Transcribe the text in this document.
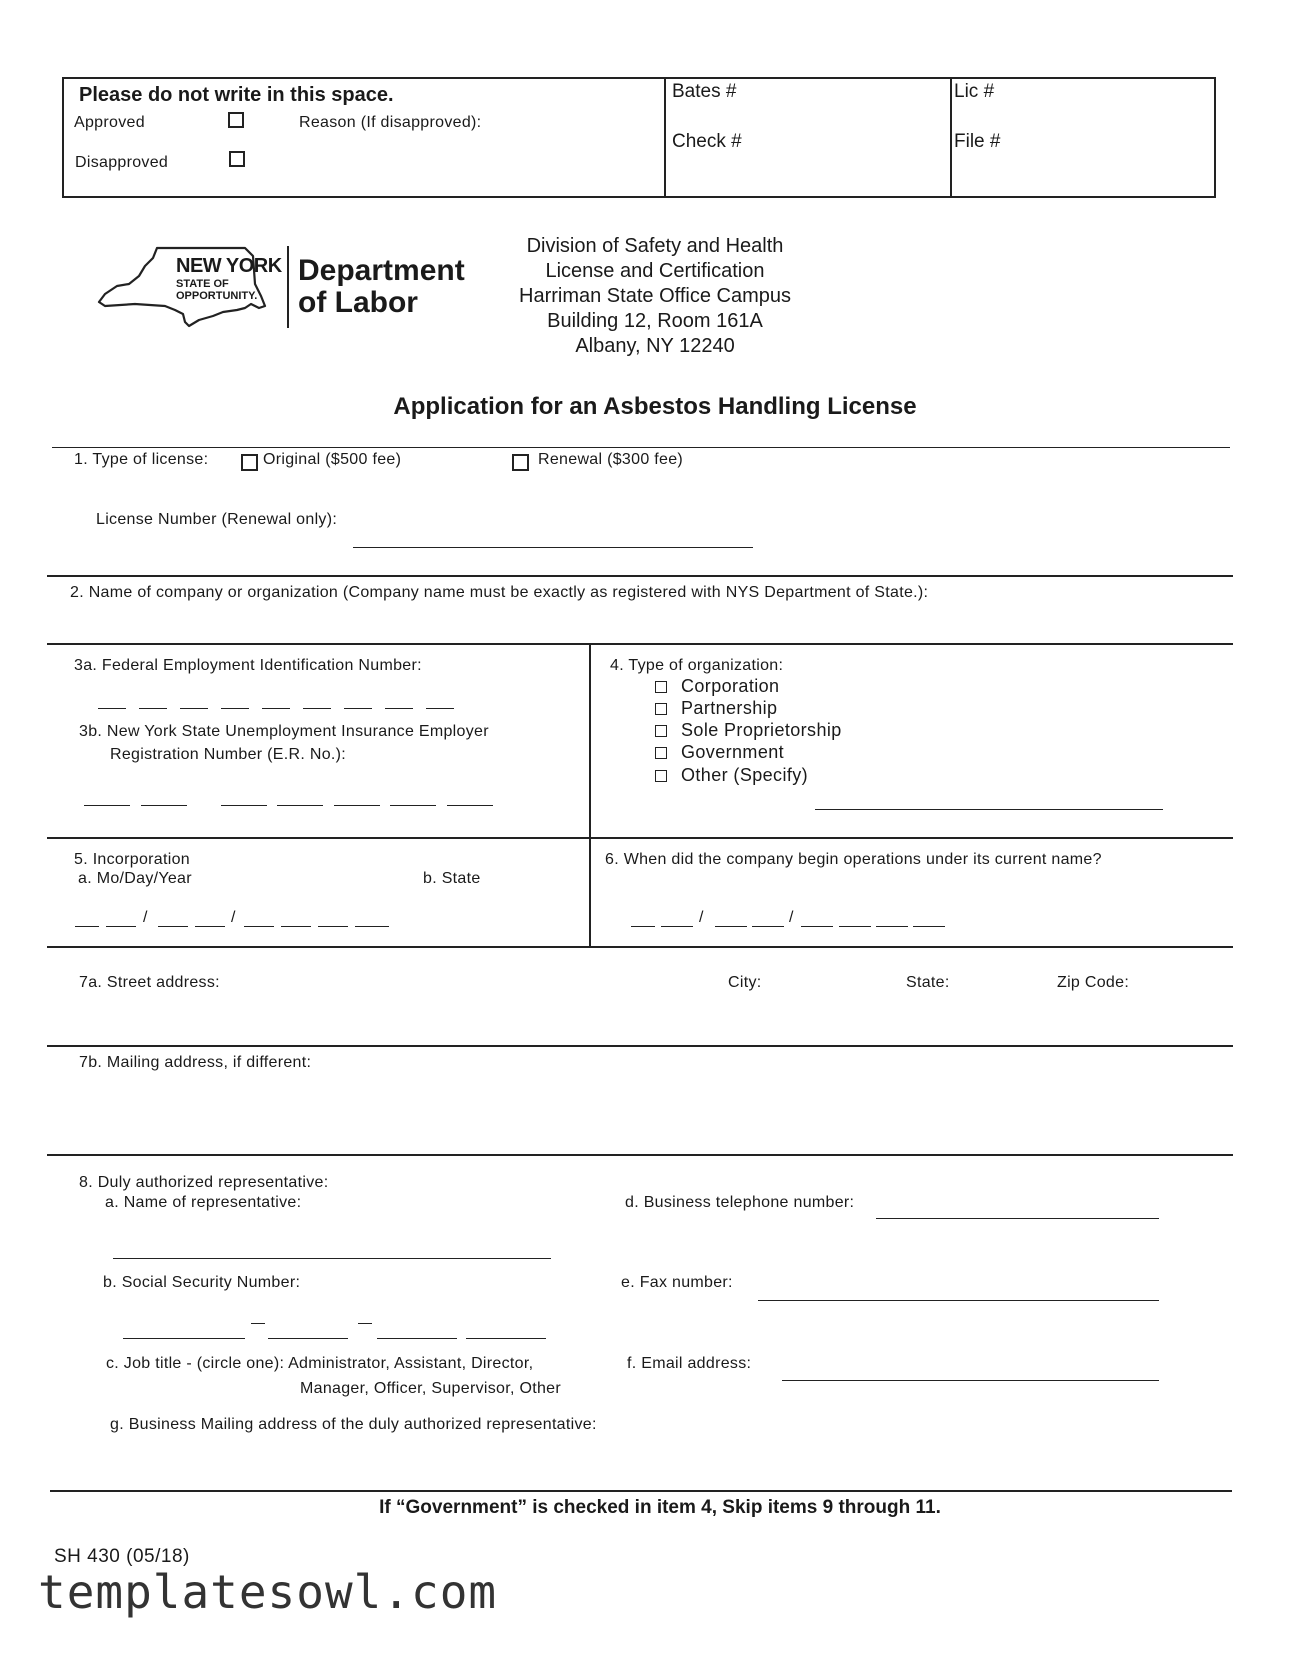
Please do not write in this space.
Approved
Disapproved
Reason (If disapproved):
Bates #
Check #
Lic #
File #
NEW YORK
STATE OF
OPPORTUNITY.
Department
of Labor
Division of Safety and Health
License and Certification
Harriman State Office Campus
Building 12, Room 161A
Albany, NY 12240
Application for an Asbestos Handling License
1. Type of license:	Original ($500 fee)	Renewal ($300 fee)
License Number (Renewal only):
2. Name of company or organization (Company name must be exactly as registered with NYS Department of State.):
3a. Federal Employment Identification Number:
3b. New York State Unemployment Insurance Employer
Registration Number (E.R. No.):
4. Type of organization:
Corporation
Partnership
Sole Proprietorship
Government
Other (Specify)
5. Incorporation
a. Mo/Day/Year	b. State
/	/
6. When did the company begin operations under its current name?
/	/
7a. Street address:	City:	State:	Zip Code:
7b. Mailing address, if different:
8. Duly authorized representative:
a. Name of representative:	d. Business telephone number:
b. Social Security Number:	e. Fax number:
c. Job title - (circle one): Administrator, Assistant, Director,
Manager, Officer, Supervisor, Other
f. Email address:
g. Business Mailing address of the duly authorized representative:
If “Government” is checked in item 4, Skip items 9 through 11.
SH 430 (05/18)
templatesowl.com
